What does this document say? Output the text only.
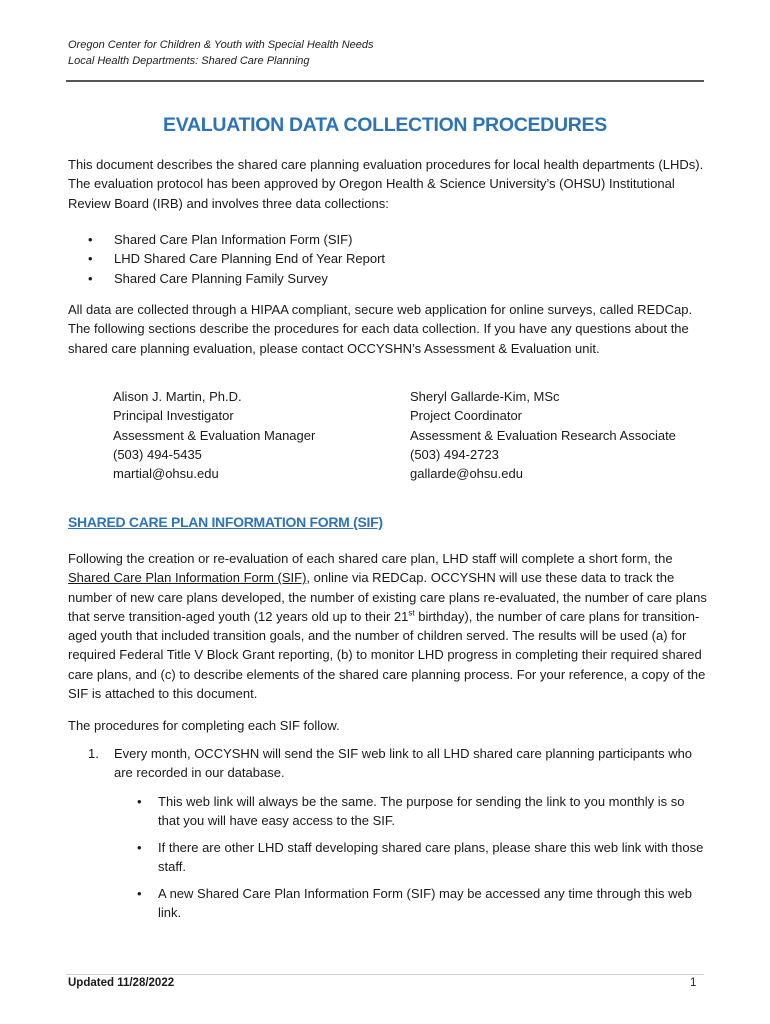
Oregon Center for Children & Youth with Special Health Needs
Local Health Departments: Shared Care Planning
EVALUATION DATA COLLECTION PROCEDURES
This document describes the shared care planning evaluation procedures for local health departments (LHDs). The evaluation protocol has been approved by Oregon Health & Science University’s (OHSU) Institutional Review Board (IRB) and involves three data collections:
• Shared Care Plan Information Form (SIF)
• LHD Shared Care Planning End of Year Report
• Shared Care Planning Family Survey
All data are collected through a HIPAA compliant, secure web application for online surveys, called REDCap. The following sections describe the procedures for each data collection. If you have any questions about the shared care planning evaluation, please contact OCCYSHN’s Assessment & Evaluation unit.
Alison J. Martin, Ph.D.
Principal Investigator
Assessment & Evaluation Manager
(503) 494-5435
martial@ohsu.edu
Sheryl Gallarde-Kim, MSc
Project Coordinator
Assessment & Evaluation Research Associate
(503) 494-2723
gallarde@ohsu.edu
SHARED CARE PLAN INFORMATION FORM (SIF)
Following the creation or re-evaluation of each shared care plan, LHD staff will complete a short form, the Shared Care Plan Information Form (SIF), online via REDCap. OCCYSHN will use these data to track the number of new care plans developed, the number of existing care plans re-evaluated, the number of care plans that serve transition-aged youth (12 years old up to their 21st birthday), the number of care plans for transition-aged youth that included transition goals, and the number of children served. The results will be used (a) for required Federal Title V Block Grant reporting, (b) to monitor LHD progress in completing their required shared care plans, and (c) to describe elements of the shared care planning process. For your reference, a copy of the SIF is attached to this document.
The procedures for completing each SIF follow.
1. Every month, OCCYSHN will send the SIF web link to all LHD shared care planning participants who are recorded in our database.
• This web link will always be the same. The purpose for sending the link to you monthly is so that you will have easy access to the SIF.
• If there are other LHD staff developing shared care plans, please share this web link with those staff.
• A new Shared Care Plan Information Form (SIF) may be accessed any time through this web link.
Updated 11/28/2022	1
